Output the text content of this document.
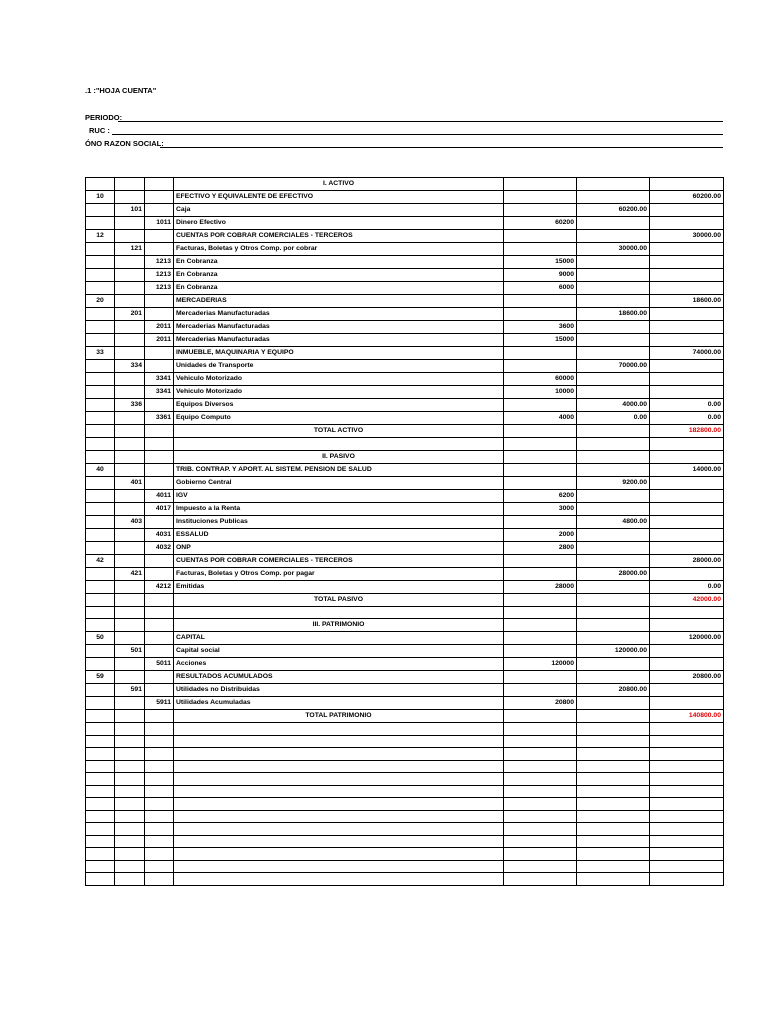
.1 :"HOJA CUENTA"
PERIODO:
RUC :
ÓNO RAZON SOCIAL:
			I. ACTIVO			
10			EFECTIVO Y EQUIVALENTE DE EFECTIVO			60200.00
	101		Caja		60200.00	
		1011	Dinero Efectivo	60200		
12			CUENTAS POR COBRAR COMERCIALES - TERCEROS			30000.00
	121		Facturas, Boletas y Otros Comp. por cobrar		30000.00	
		1213	En Cobranza	15000		
		1213	En Cobranza	9000		
		1213	En Cobranza	6000		
20			MERCADERIAS			18600.00
	201		Mercaderias Manufacturadas		18600.00	
		2011	Mercaderias Manufacturadas	3600		
		2011	Mercaderias Manufacturadas	15000		
33			INMUEBLE, MAQUINARIA Y EQUIPO			74000.00
	334		Unidades de Transporte		70000.00	
		3341	Vehiculo Motorizado	60000		
		3341	Vehiculo Motorizado	10000		
	336		Equipos Diversos		4000.00	0.00
		3361	Equipo Computo	4000	0.00	0.00
			TOTAL ACTIVO			182800.00

			II. PASIVO			
40			TRIB. CONTRAP. Y APORT. AL SISTEM. PENSION DE SALUD			14000.00
	401		Gobierno Central		9200.00	
		4011	IGV	6200		
		4017	Impuesto a la Renta	3000		
	403		Instituciones Publicas		4800.00	
		4031	ESSALUD	2000		
		4032	ONP	2800		
42			CUENTAS POR COBRAR COMERCIALES - TERCEROS			28000.00
	421		Facturas, Boletas y Otros Comp. por pagar		28000.00	
		4212	Emitidas	28000		0.00
			TOTAL PASIVO			42000.00

			III. PATRIMONIO			
50			CAPITAL			120000.00
	501		Capital social		120000.00	
		5011	Acciones	120000		
59			RESULTADOS ACUMULADOS			20800.00
	591		Utilidades no Distribuidas		20800.00	
		5911	Utilidades Acumuladas	20800		
			TOTAL PATRIMONIO			140800.00
